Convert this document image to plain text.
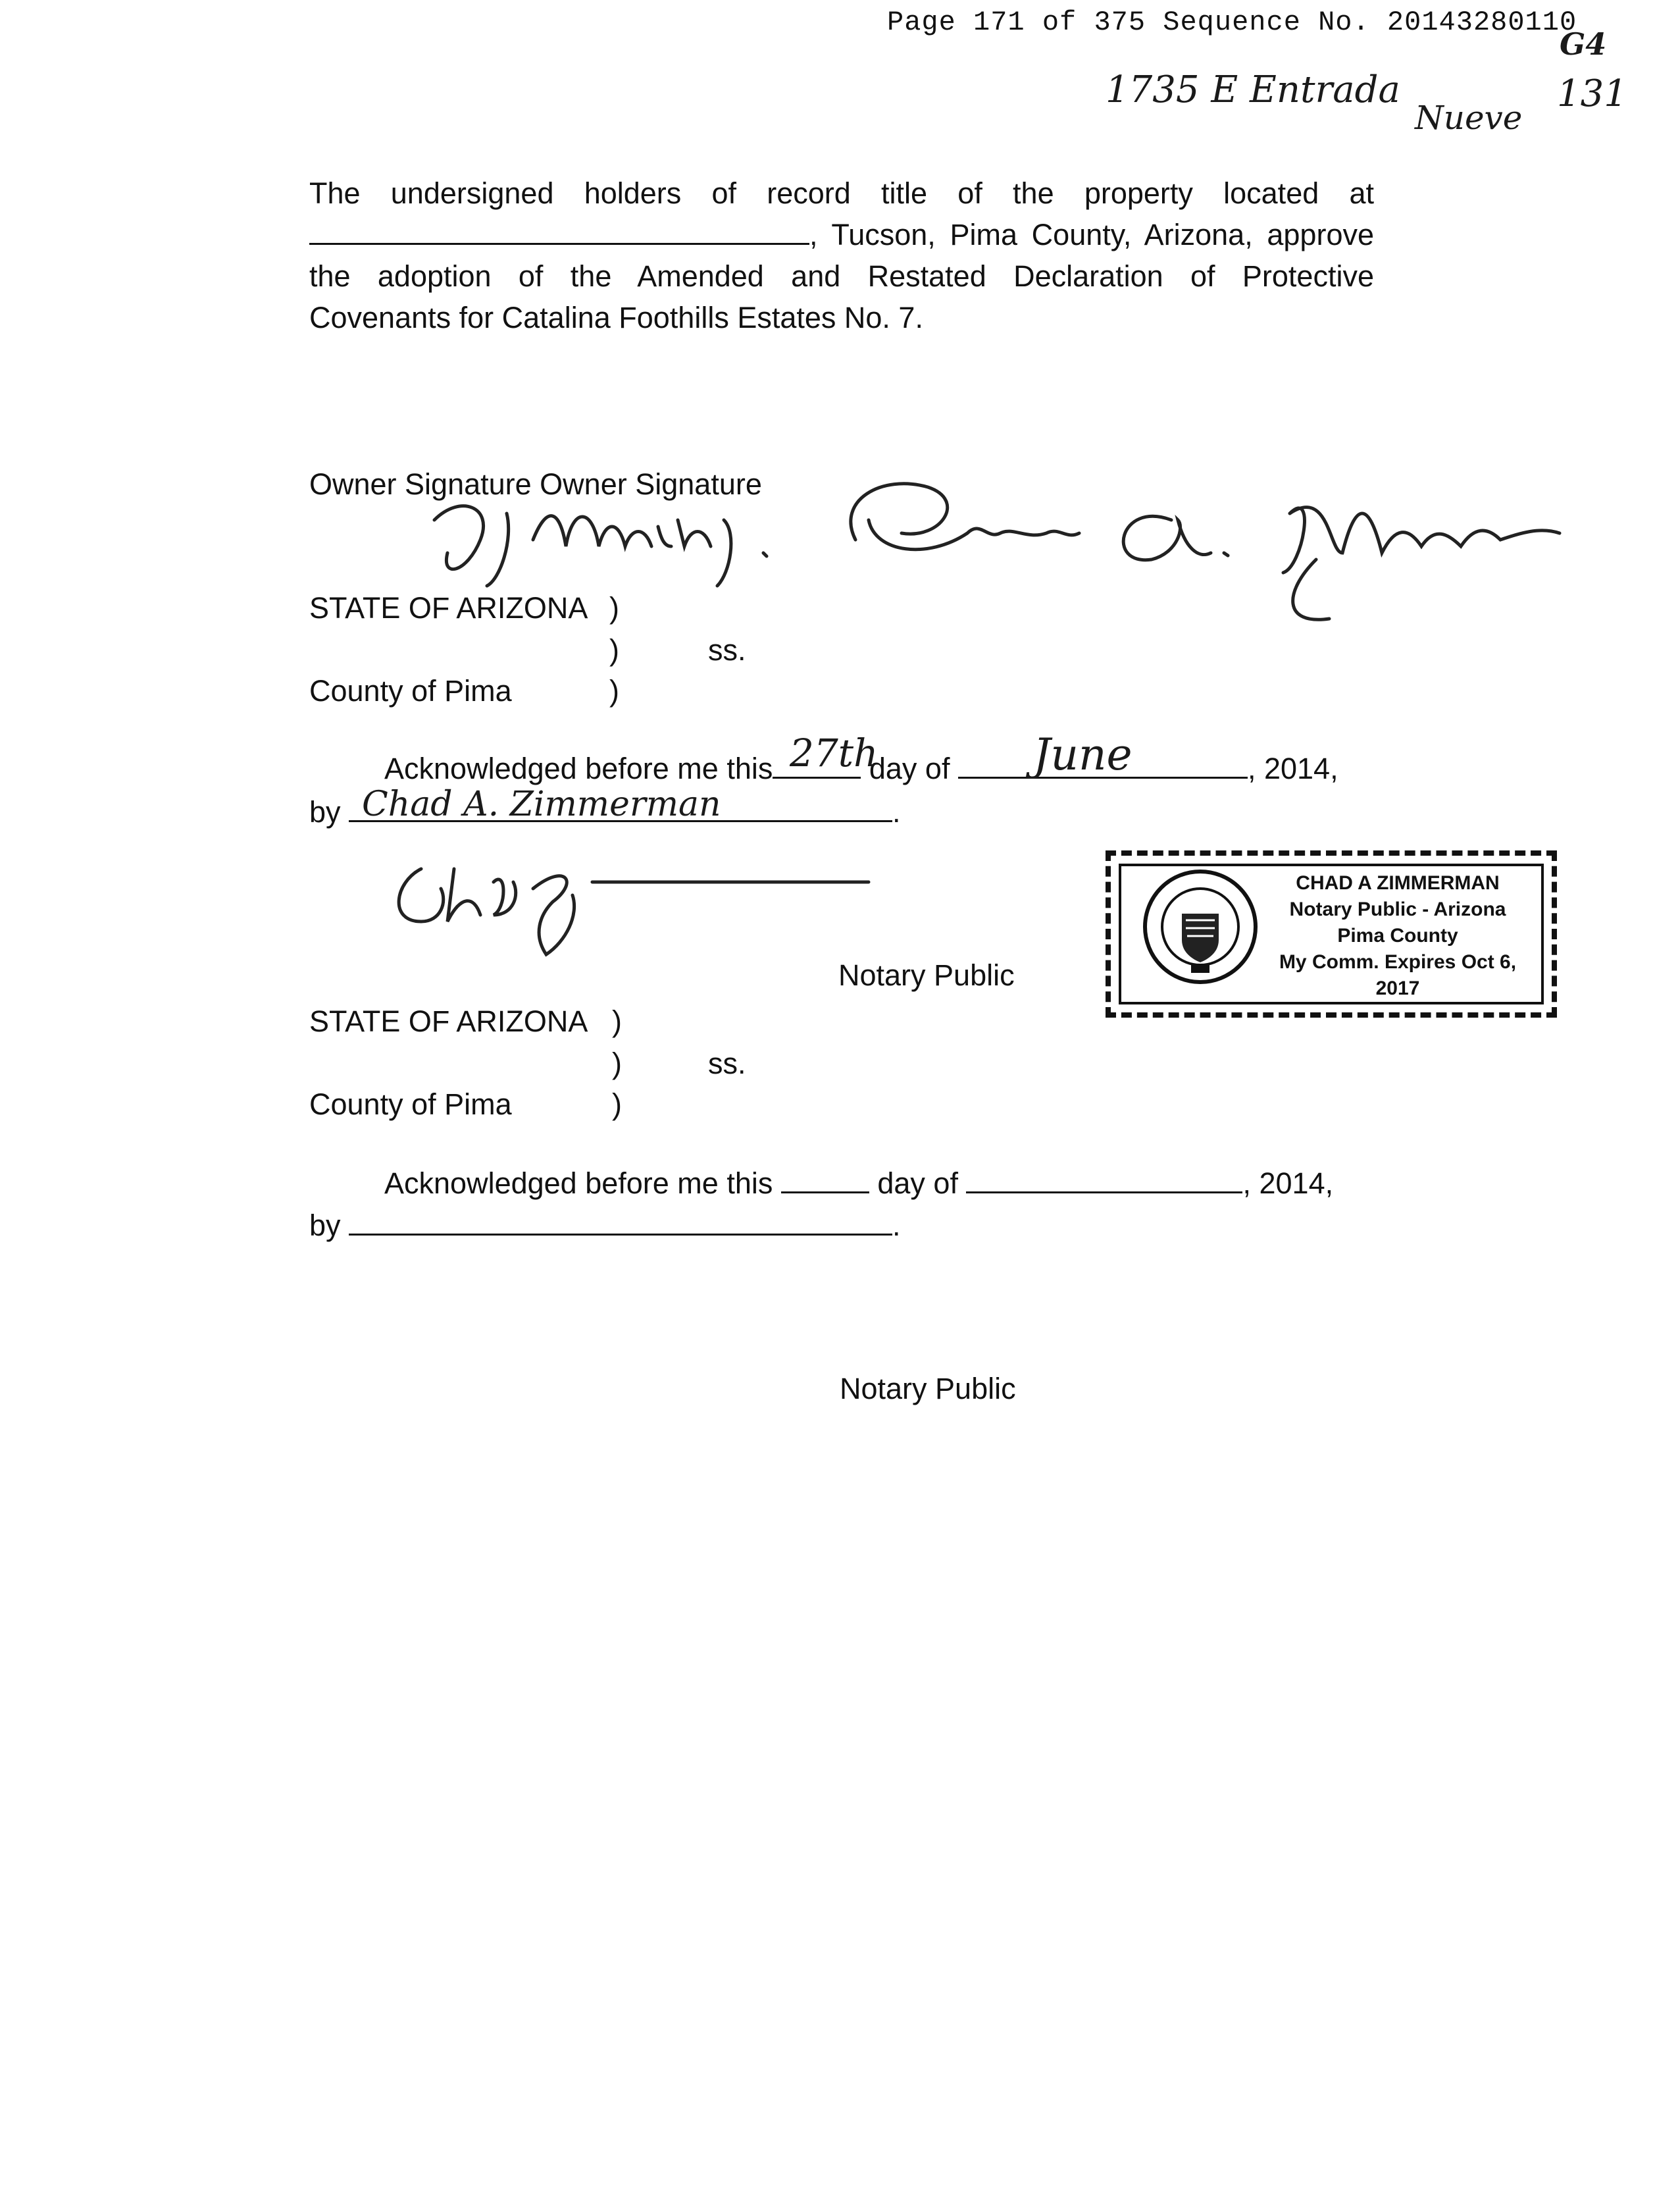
Page 171 of 375 Sequence No. 20143280110
G4
1735 E Entrada
Nueve
131
The undersigned holders of record title of the property located at
, Tucson, Pima County, Arizona, approve
the adoption of the Amended and Restated Declaration of Protective
Covenants for Catalina Foothills Estates No. 7.
Owner Signature Owner Signature
STATE OF ARIZONA )
)	ss.
County of Pima	)
Acknowledged before me this	day of	, 2014,
27th	June
by	.
Chad A. Zimmerman
Notary Public
CHAD A ZIMMERMAN
Notary Public - Arizona
Pima County
My Comm. Expires Oct 6, 2017
STATE OF ARIZONA )
)	ss.
County of Pima	)
Acknowledged before me this	day of	, 2014,
by	.
Notary Public
